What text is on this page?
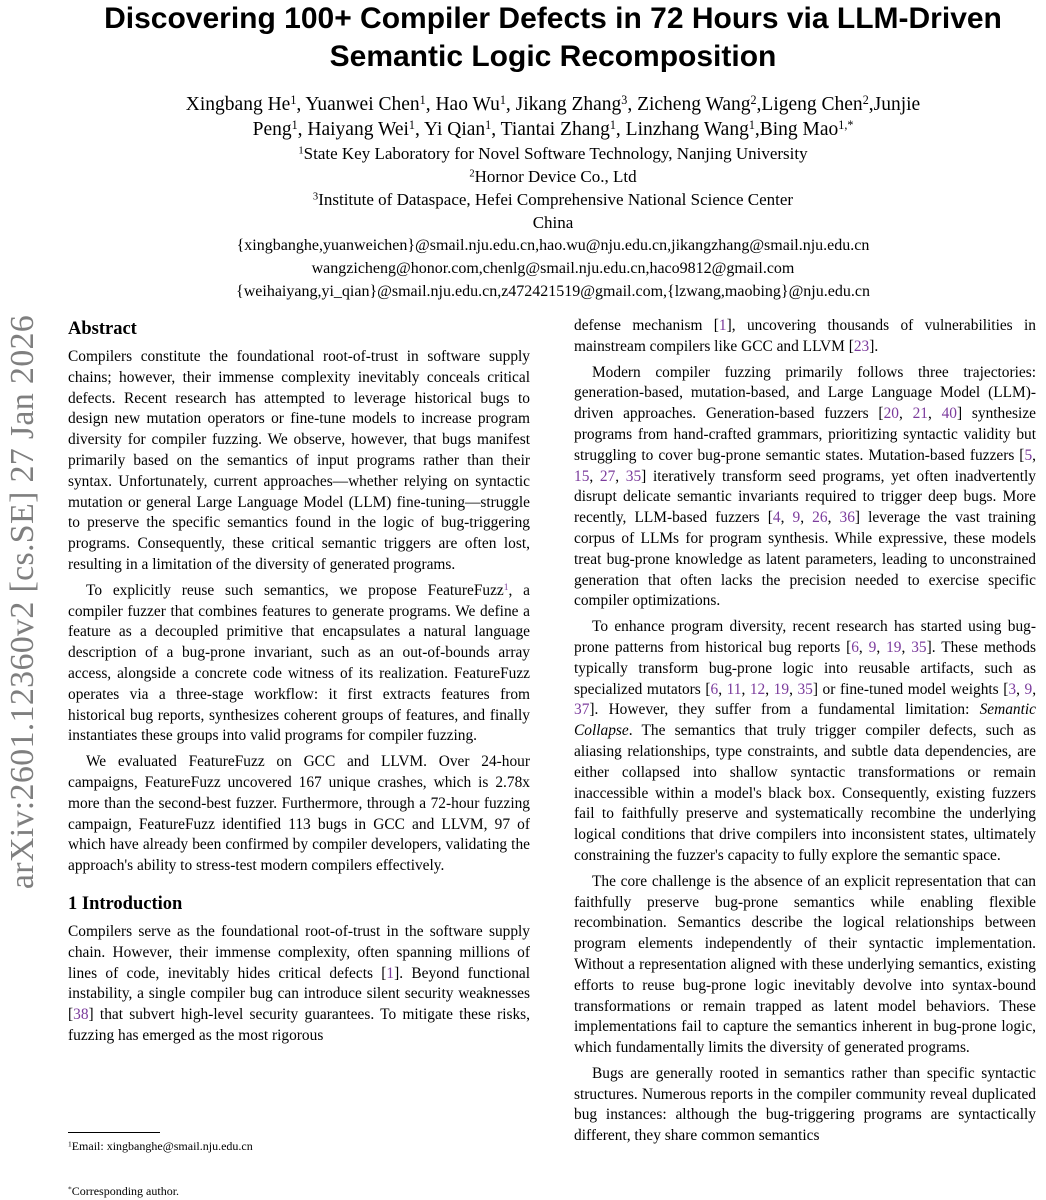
arXiv:2601.12360v2 [cs.SE] 27 Jan 2026
Discovering 100+ Compiler Defects in 72 Hours via LLM-Driven
Semantic Logic Recomposition
Xingbang He$^1$, Yuanwei Chen$^1$, Hao Wu$^1$, Jikang Zhang$^3$, Zicheng Wang$^2$,Ligeng Chen$^2$,Junjie
Peng$^1$, Haiyang Wei$^1$, Yi Qian$^1$, Tiantai Zhang$^1$, Linzhang Wang$^1$,Bing Mao$^{1,*}$
$^1$State Key Laboratory for Novel Software Technology, Nanjing University
$^2$Hornor Device Co., Ltd
$^3$Institute of Dataspace, Hefei Comprehensive National Science Center
China
{xingbanghe,yuanweichen}@smail.nju.edu.cn,hao.wu@nju.edu.cn,jikangzhang@smail.nju.edu.cn
wangzicheng@honor.com,chenlg@smail.nju.edu.cn,haco9812@gmail.com
{weihaiyang,yi_qian}@smail.nju.edu.cn,z472421519@gmail.com,{lzwang,maobing}@nju.edu.cn
Abstract

Compilers constitute the foundational root-of-trust in software supply chains; however, their immense complexity inevitably conceals critical defects. Recent research has attempted to leverage historical bugs to design new mutation operators or fine-tune models to increase program diversity for compiler fuzzing. We observe, however, that bugs manifest primarily based on the semantics of input programs rather than their syntax. Unfortunately, current approaches—whether relying on syntactic mutation or general Large Language Model (LLM) fine-tuning—struggle to preserve the specific semantics found in the logic of bug-triggering programs. Consequently, these critical semantic triggers are often lost, resulting in a limitation of the diversity of generated programs.

To explicitly reuse such semantics, we propose FeatureFuzz$^1$, a compiler fuzzer that combines features to generate programs. We define a feature as a decoupled primitive that encapsulates a natural language description of a bug-prone invariant, such as an out-of-bounds array access, alongside a concrete code witness of its realization. FeatureFuzz operates via a three-stage workflow: it first extracts features from historical bug reports, synthesizes coherent groups of features, and finally instantiates these groups into valid programs for compiler fuzzing.

We evaluated FeatureFuzz on GCC and LLVM. Over 24-hour campaigns, FeatureFuzz uncovered 167 unique crashes, which is 2.78x more than the second-best fuzzer. Furthermore, through a 72-hour fuzzing campaign, FeatureFuzz identified 113 bugs in GCC and LLVM, 97 of which have already been confirmed by compiler developers, validating the approach's ability to stress-test modern compilers effectively.

1 Introduction

Compilers serve as the foundational root-of-trust in the software supply chain. However, their immense complexity, often spanning millions of lines of code, inevitably hides critical defects [1]. Beyond functional instability, a single compiler bug can introduce silent security weaknesses [38] that subvert high-level security guarantees. To mitigate these risks, fuzzing has emerged as the most rigorous

defense mechanism [1], uncovering thousands of vulnerabilities in mainstream compilers like GCC and LLVM [23].

Modern compiler fuzzing primarily follows three trajectories: generation-based, mutation-based, and Large Language Model (LLM)-driven approaches. Generation-based fuzzers [20, 21, 40] synthesize programs from hand-crafted grammars, prioritizing syntactic validity but struggling to cover bug-prone semantic states. Mutation-based fuzzers [5, 15, 27, 35] iteratively transform seed programs, yet often inadvertently disrupt delicate semantic invariants required to trigger deep bugs. More recently, LLM-based fuzzers [4, 9, 26, 36] leverage the vast training corpus of LLMs for program synthesis. While expressive, these models treat bug-prone knowledge as latent parameters, leading to unconstrained generation that often lacks the precision needed to exercise specific compiler optimizations.

To enhance program diversity, recent research has started using bug-prone patterns from historical bug reports [6, 9, 19, 35]. These methods typically transform bug-prone logic into reusable artifacts, such as specialized mutators [6, 11, 12, 19, 35] or fine-tuned model weights [3, 9, 37]. However, they suffer from a fundamental limitation: Semantic Collapse. The semantics that truly trigger compiler defects, such as aliasing relationships, type constraints, and subtle data dependencies, are either collapsed into shallow syntactic transformations or remain inaccessible within a model's black box. Consequently, existing fuzzers fail to faithfully preserve and systematically recombine the underlying logical conditions that drive compilers into inconsistent states, ultimately constraining the fuzzer's capacity to fully explore the semantic space.

The core challenge is the absence of an explicit representation that can faithfully preserve bug-prone semantics while enabling flexible recombination. Semantics describe the logical relationships between program elements independently of their syntactic implementation. Without a representation aligned with these underlying semantics, existing efforts to reuse bug-prone logic inevitably devolve into syntax-bound transformations or remain trapped as latent model behaviors. These implementations fail to capture the semantics inherent in bug-prone logic, which fundamentally limits the diversity of generated programs.

Bugs are generally rooted in semantics rather than specific syntactic structures. Numerous reports in the compiler community reveal duplicated bug instances: although the bug-triggering programs are syntactically different, they share common semantics

$^1$Email: xingbanghe@smail.nju.edu.cn

*Corresponding author.
